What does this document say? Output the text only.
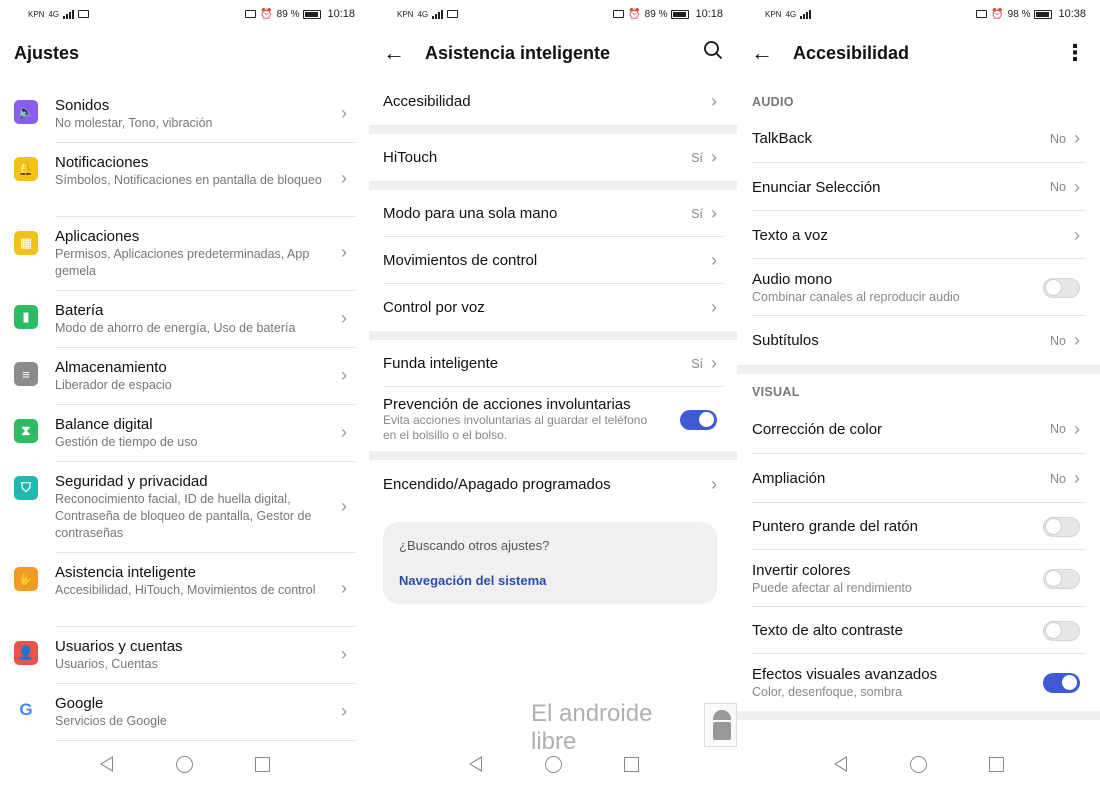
KPN 4G	⏰ 89 %	10:18
Ajustes
🔈 Sonidos
No molestar, Tono, vibración
›
🔔 Notificaciones
Símbolos, Notificaciones en pantalla de bloqueo	›
▦	Aplicaciones
Permisos, Aplicaciones predeterminadas, App gemela
›
▮	Batería
Modo de ahorro de energía, Uso de batería
›
≡	Almacenamiento
Liberador de espacio
›
⧗	Balance digital
Gestión de tiempo de uso
›
⛉	Seguridad y privacidad
Reconocimiento facial, ID de huella digital, Contraseña de bloqueo de pantalla, Gestor de contraseñas
›
✋ Asistencia inteligente
Accesibilidad, HiTouch, Movimientos de control	›
👤 Usuarios y cuentas
Usuarios, Cuentas
›
G	Google
Servicios de Google
›
KPN 4G	⏰ 89 %	10:18
←	Asistencia inteligente
Accesibilidad	›
HiTouch	Sí ›
Modo para una sola mano	Sí ›
Movimientos de control	›
Control por voz	›
Funda inteligente	Sí ›
Prevención de acciones involuntarias
Evita acciones involuntarias al guardar el teléfono en el bolsillo o el bolso.
Encendido/Apagado programados	›
¿Buscando otros ajustes?
Navegación del sistema
El androide libre
KPN 4G	⏰ 98 %	10:38
←	Accesibilidad	⋮
AUDIO
TalkBack	No ›
Enunciar Selección	No ›
Texto a voz	›
Audio mono
Combinar canales al reproducir audio
Subtítulos	No ›
VISUAL
Corrección de color	No ›
Ampliación	No ›
Puntero grande del ratón
Invertir colores
Puede afectar al rendimiento
Texto de alto contraste
Efectos visuales avanzados
Color, desenfoque, sombra
